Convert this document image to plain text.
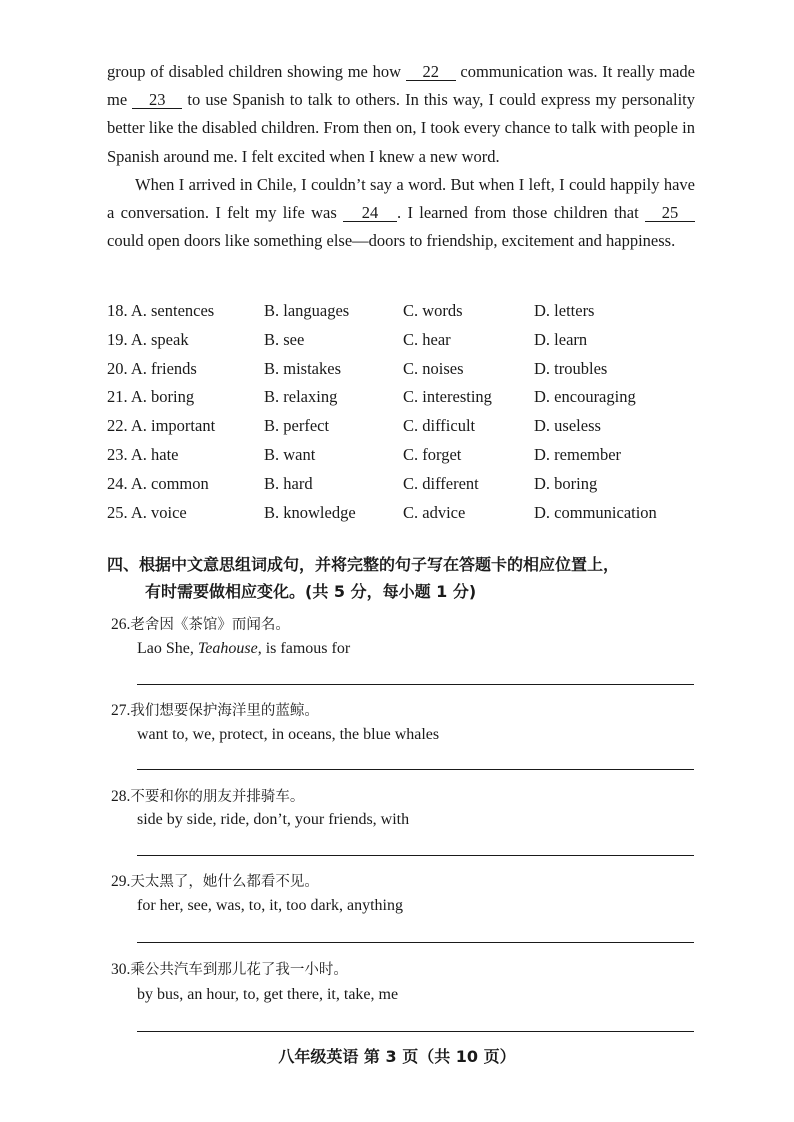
group of disabled children showing me how 22 communication was. It really made me 23 to use Spanish to talk to others. In this way, I could express my personality better like the disabled children. From then on, I took every chance to talk with people in Spanish around me. I felt excited when I knew a new word.
When I arrived in Chile, I couldn’t say a word. But when I left, I could happily have a conversation. I felt my life was 24 . I learned from those children that 25 could open doors like something else—doors to friendship, excitement and happiness.
18. A. sentences	B. languages	C. words	D. letters
19. A. speak	B. see	C. hear	D. learn
20. A. friends	B. mistakes	C. noises	D. troubles
21. A. boring	B. relaxing	C. interesting	D. encouraging
22. A. important	B. perfect	C. difficult	D. useless
23. A. hate	B. want	C. forget	D. remember
24. A. common	B. hard	C. different	D. boring
25. A. voice	B. knowledge	C. advice	D. communication
四、根据中文意思组词成句，并将完整的句子写在答题卡的相应位置上，
有时需要做相应变化。(共 5 分，每小题 1 分)
26.老舍因《茶馆》而闻名。
Lao She, Teahouse, is famous for
27.我们想要保护海洋里的蓝鲸。
want to, we, protect, in oceans, the blue whales
28.不要和你的朋友并排骑车。
side by side, ride, don’t, your friends, with
29.天太黑了，她什么都看不见。
for her, see, was, to, it, too dark, anything
30.乘公共汽车到那儿花了我一小时。
by bus, an hour, to, get there, it, take, me
八年级英语 第 3 页（共 10 页）
